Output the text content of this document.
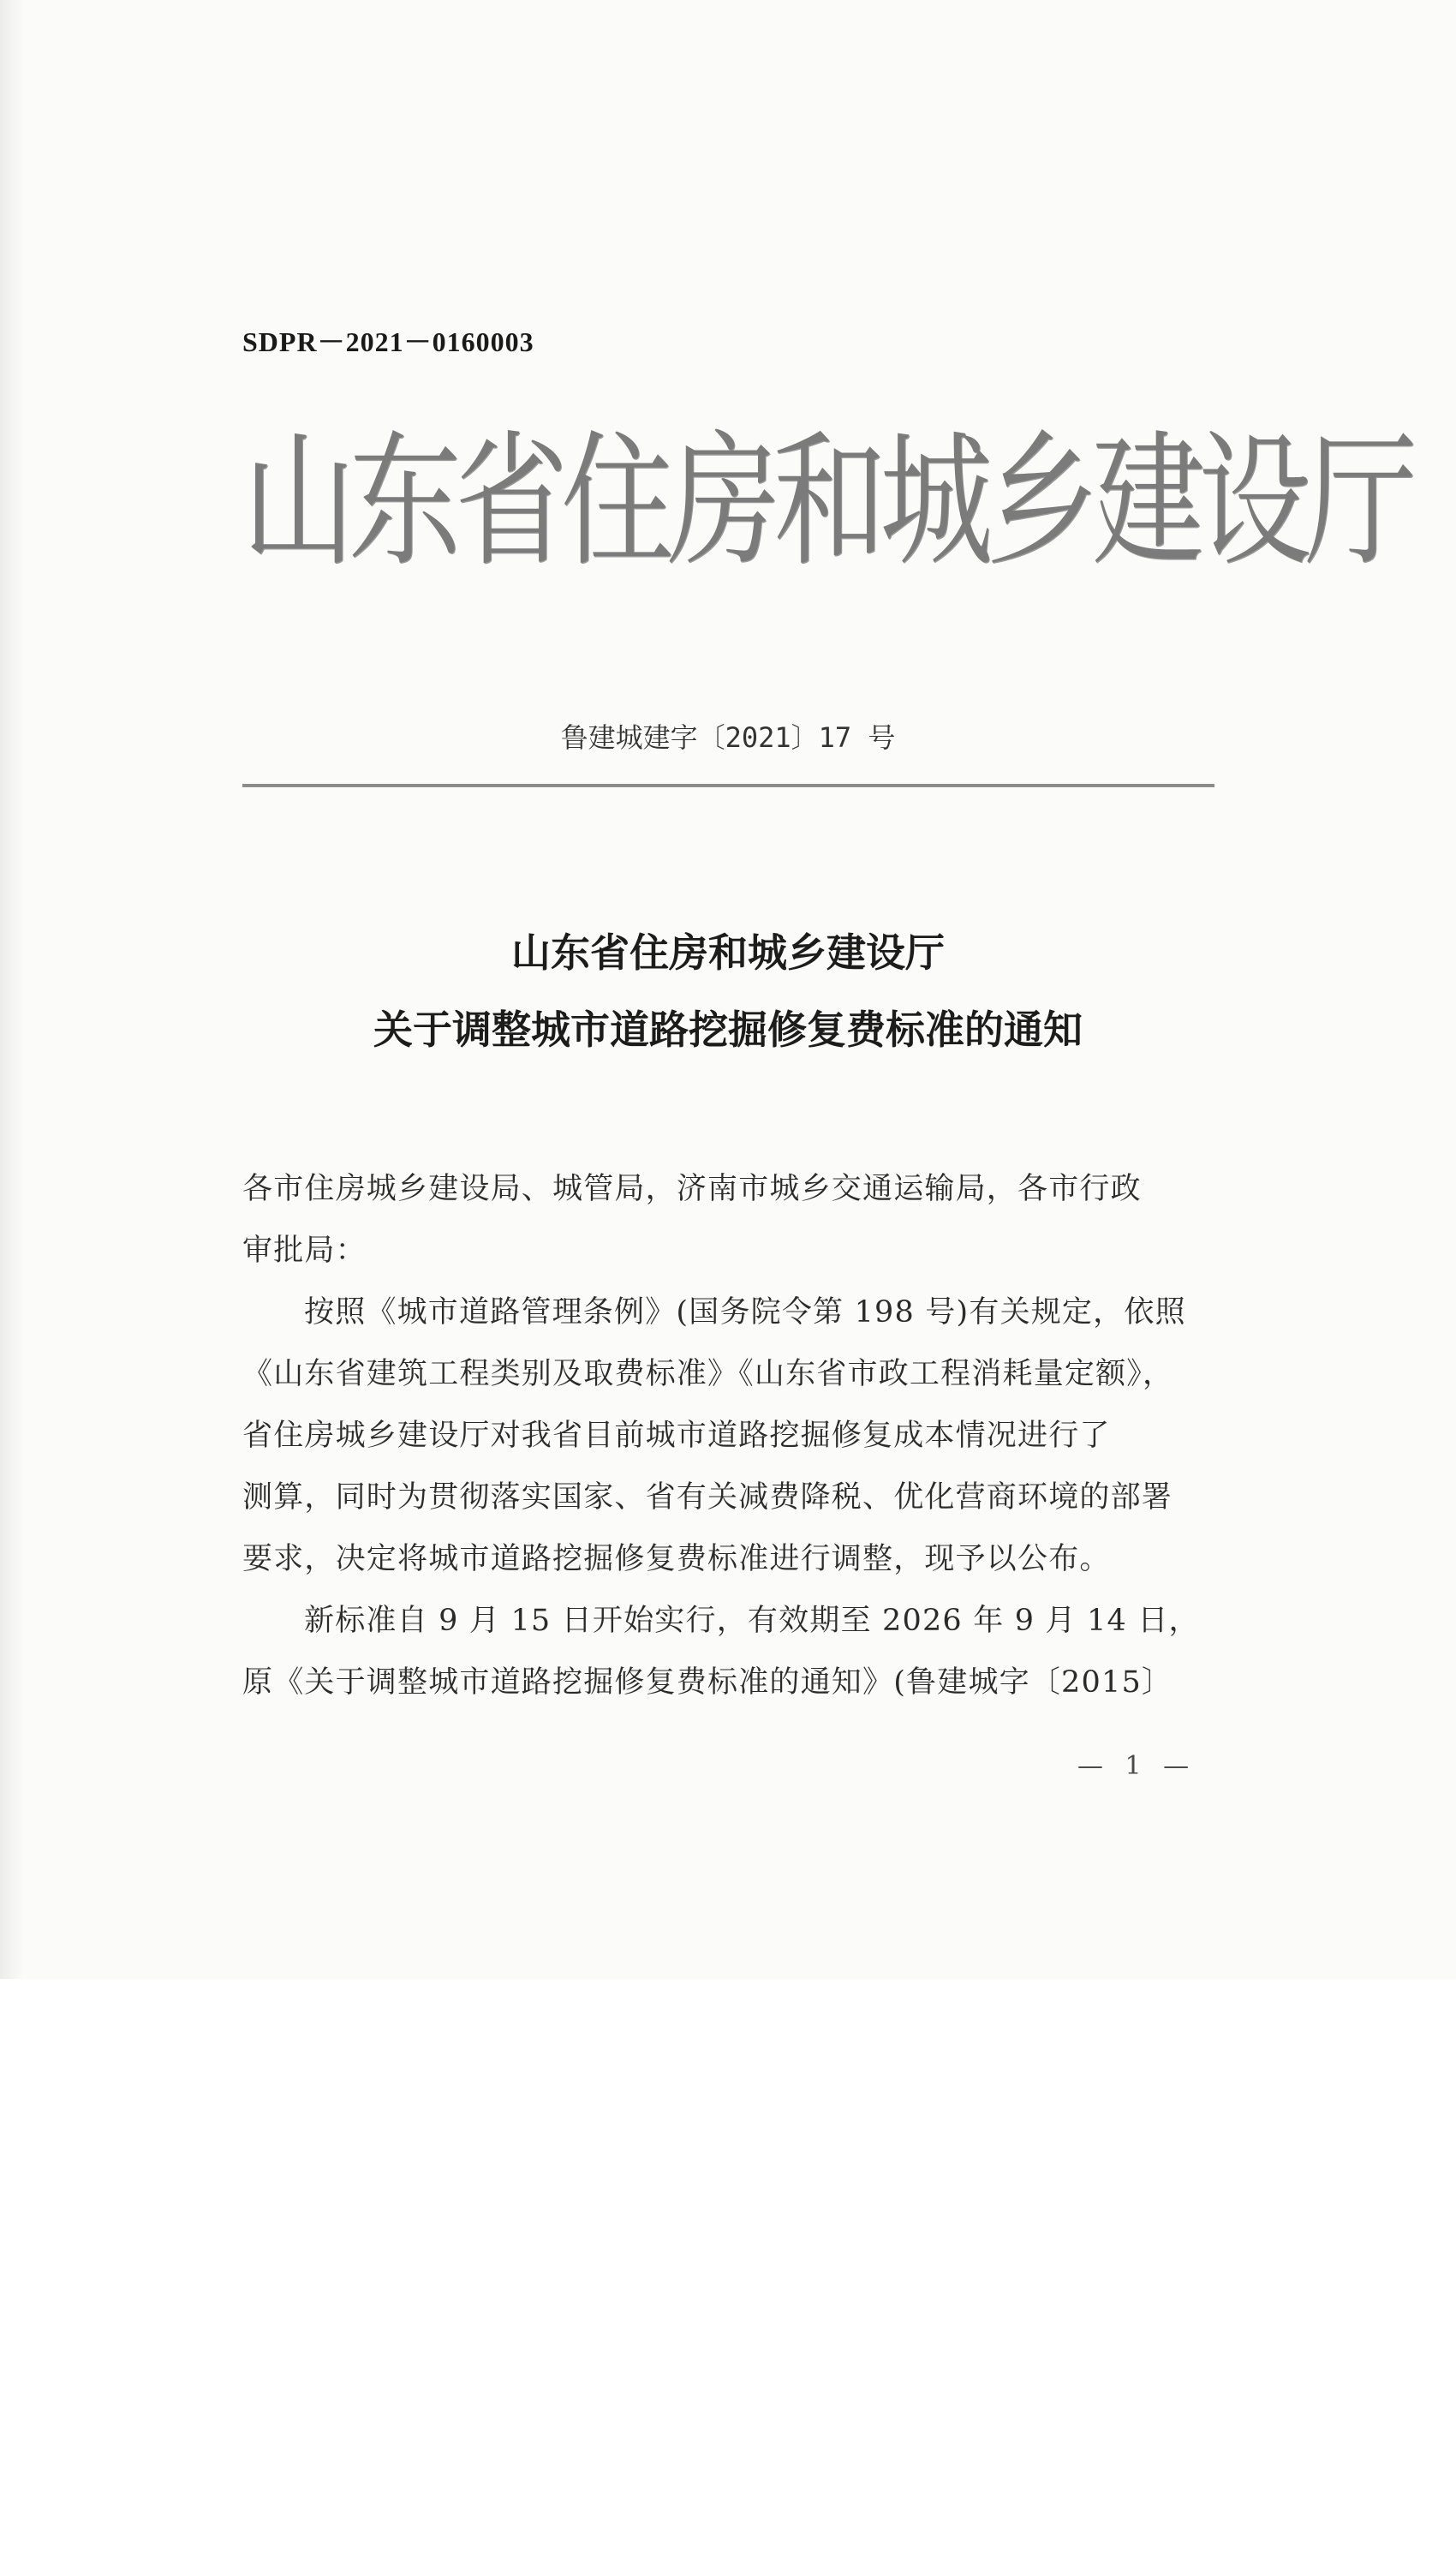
SDPR－2021－0160003
山东省住房和城乡建设厅
鲁建城建字〔2021〕17 号
山东省住房和城乡建设厅
关于调整城市道路挖掘修复费标准的通知
各市住房城乡建设局、城管局，济南市城乡交通运输局，各市行政
审批局：
按照《城市道路管理条例》(国务院令第 198 号)有关规定，依照
《山东省建筑工程类别及取费标准》《山东省市政工程消耗量定额》，
省住房城乡建设厅对我省目前城市道路挖掘修复成本情况进行了
测算，同时为贯彻落实国家、省有关减费降税、优化营商环境的部署
要求，决定将城市道路挖掘修复费标准进行调整，现予以公布。
新标准自 9 月 15 日开始实行，有效期至 2026 年 9 月 14 日，
原《关于调整城市道路挖掘修复费标准的通知》(鲁建城字〔2015〕
— 1 —
